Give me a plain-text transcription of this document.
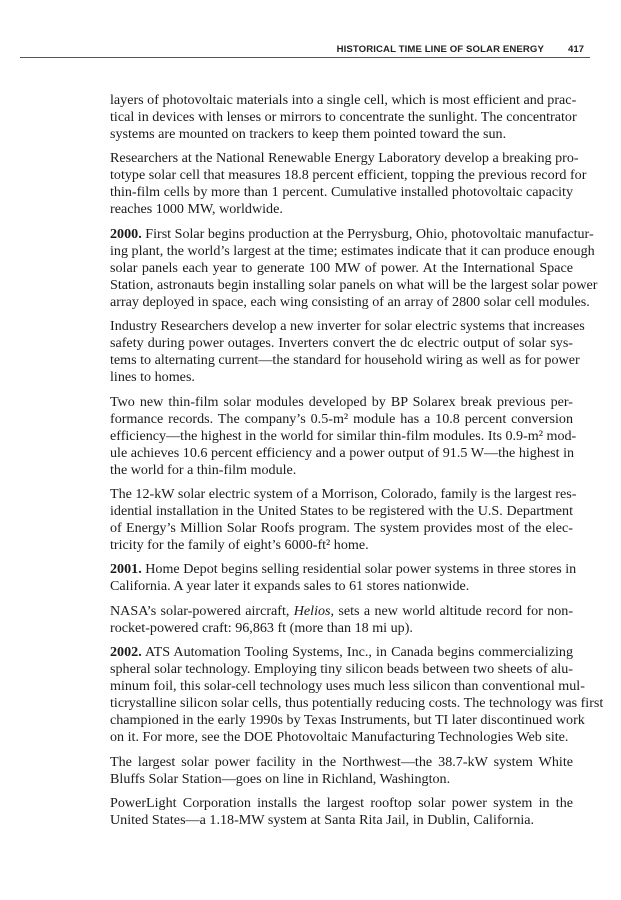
HISTORICAL TIME LINE OF SOLAR ENERGY 417
layers of photovoltaic materials into a single cell, which is most efficient and prac-
tical in devices with lenses or mirrors to concentrate the sunlight. The concentrator
systems are mounted on trackers to keep them pointed toward the sun.
Researchers at the National Renewable Energy Laboratory develop a breaking pro-
totype solar cell that measures 18.8 percent efficient, topping the previous record for
thin-film cells by more than 1 percent. Cumulative installed photovoltaic capacity
reaches 1000 MW, worldwide.
2000. First Solar begins production at the Perrysburg, Ohio, photovoltaic manufactur-
ing plant, the world’s largest at the time; estimates indicate that it can produce enough
solar panels each year to generate 100 MW of power. At the International Space
Station, astronauts begin installing solar panels on what will be the largest solar power
array deployed in space, each wing consisting of an array of 2800 solar cell modules.
Industry Researchers develop a new inverter for solar electric systems that increases
safety during power outages. Inverters convert the dc electric output of solar sys-
tems to alternating current—the standard for household wiring as well as for power
lines to homes.
Two new thin-film solar modules developed by BP Solarex break previous per-
formance records. The company’s 0.5-m² module has a 10.8 percent conversion
efficiency—the highest in the world for similar thin-film modules. Its 0.9-m² mod-
ule achieves 10.6 percent efficiency and a power output of 91.5 W—the highest in
the world for a thin-film module.
The 12-kW solar electric system of a Morrison, Colorado, family is the largest res-
idential installation in the United States to be registered with the U.S. Department
of Energy’s Million Solar Roofs program. The system provides most of the elec-
tricity for the family of eight’s 6000-ft² home.
2001. Home Depot begins selling residential solar power systems in three stores in
California. A year later it expands sales to 61 stores nationwide.
NASA’s solar-powered aircraft, Helios, sets a new world altitude record for non-
rocket-powered craft: 96,863 ft (more than 18 mi up).
2002. ATS Automation Tooling Systems, Inc., in Canada begins commercializing
spheral solar technology. Employing tiny silicon beads between two sheets of alu-
minum foil, this solar-cell technology uses much less silicon than conventional mul-
ticrystalline silicon solar cells, thus potentially reducing costs. The technology was first
championed in the early 1990s by Texas Instruments, but TI later discontinued work
on it. For more, see the DOE Photovoltaic Manufacturing Technologies Web site.
The largest solar power facility in the Northwest—the 38.7-kW system White
Bluffs Solar Station—goes on line in Richland, Washington.
PowerLight Corporation installs the largest rooftop solar power system in the
United States—a 1.18-MW system at Santa Rita Jail, in Dublin, California.
